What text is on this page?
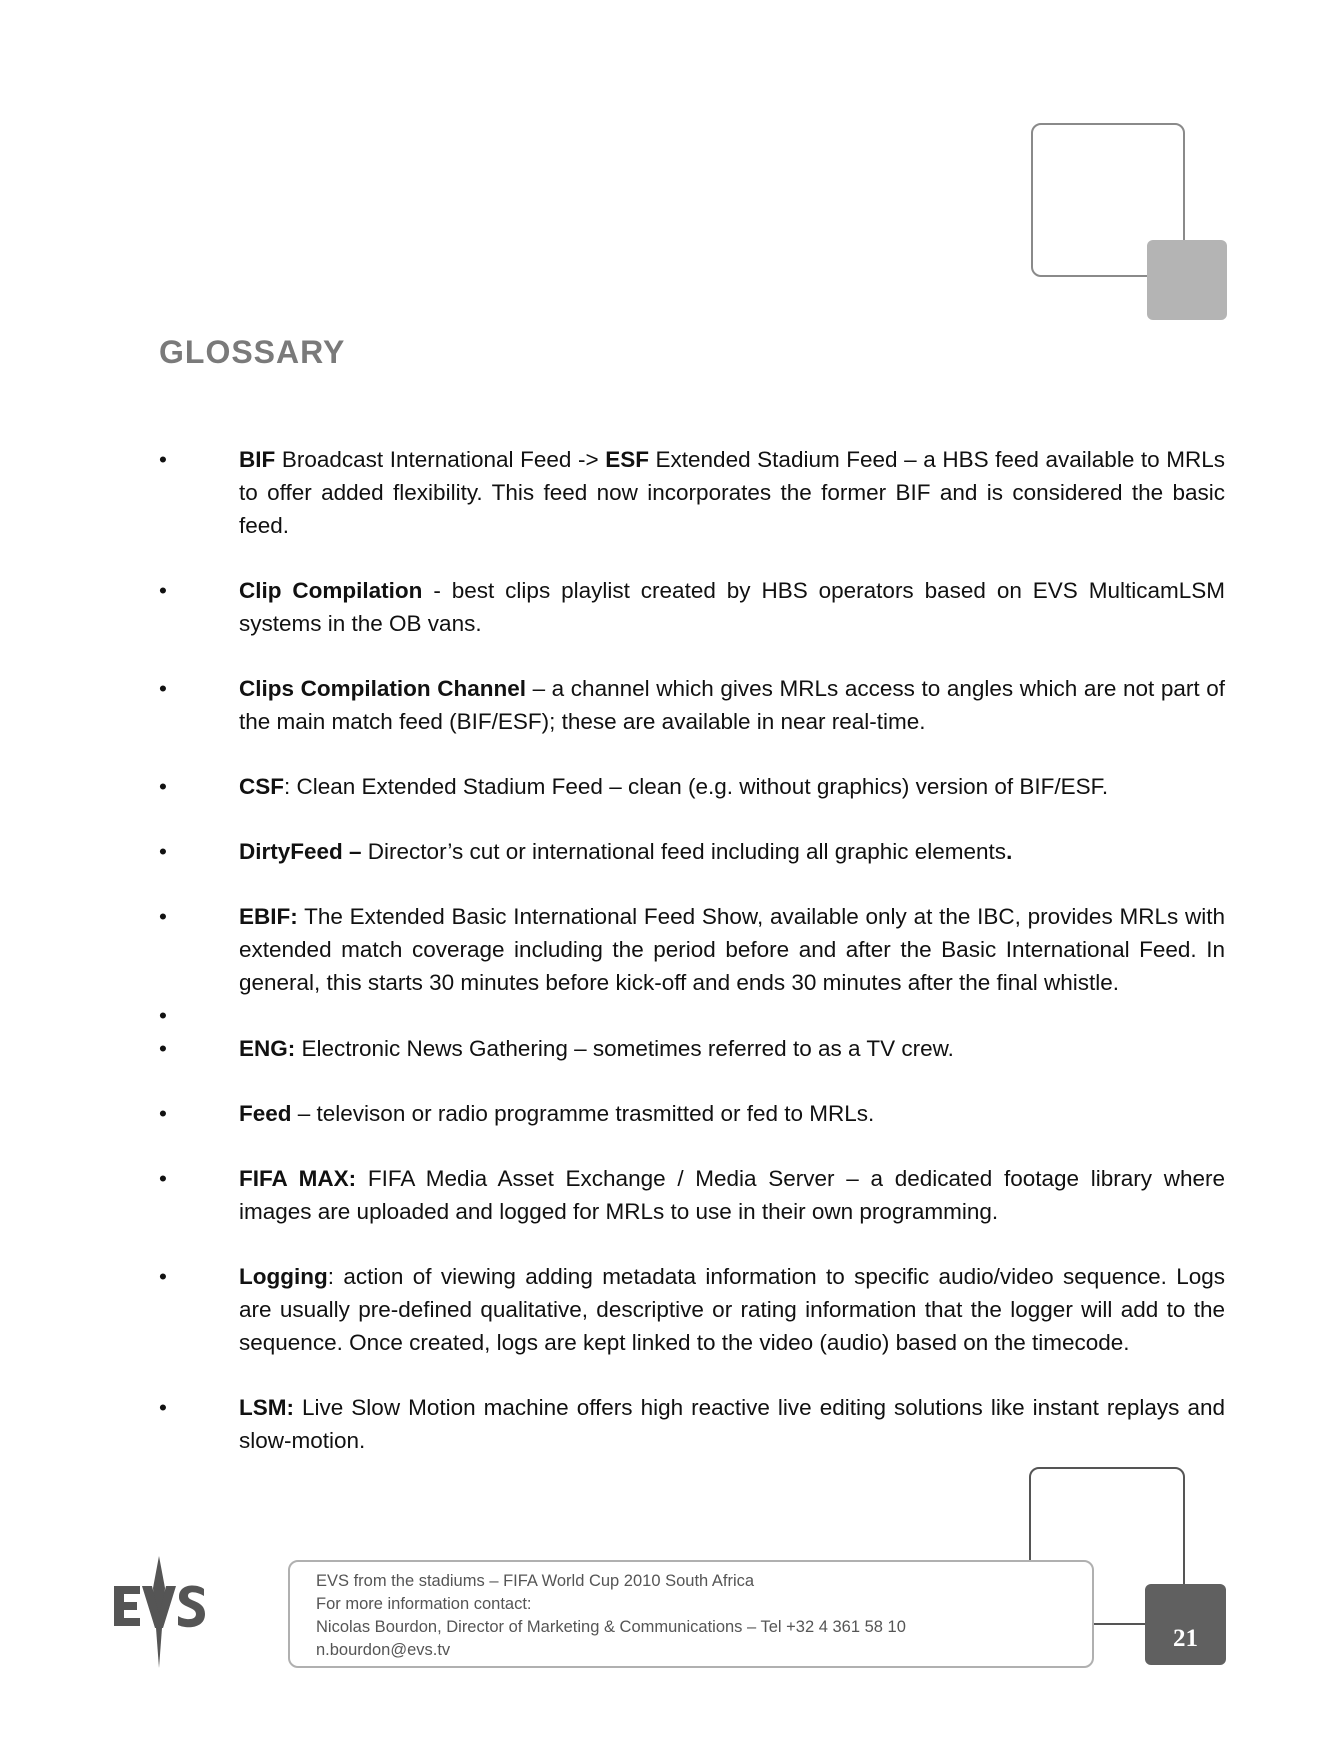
GLOSSARY
•	BIF Broadcast International Feed -> ESF Extended Stadium Feed – a HBS feed available to MRLs to offer added flexibility. This feed now incorporates the former BIF and is considered the basic feed.
•	Clip Compilation - best clips playlist created by HBS operators based on EVS MulticamLSM systems in the OB vans.
•	Clips Compilation Channel – a channel which gives MRLs access to angles which are not part of the main match feed (BIF/ESF); these are available in near real-time.
•	CSF: Clean Extended Stadium Feed – clean (e.g. without graphics) version of BIF/ESF.
•	DirtyFeed – Director’s cut or international feed including all graphic elements.
•	EBIF: The Extended Basic International Feed Show, available only at the IBC, provides MRLs with extended match coverage including the period before and after the Basic International Feed. In general, this starts 30 minutes before kick-off and ends 30 minutes after the final whistle.
•
•	ENG: Electronic News Gathering – sometimes referred to as a TV crew.
•	Feed – televison or radio programme trasmitted or fed to MRLs.
•	FIFA MAX: FIFA Media Asset Exchange / Media Server – a dedicated footage library where images are uploaded and logged for MRLs to use in their own programming.
•	Logging: action of viewing adding metadata information to specific audio/video sequence. Logs are usually pre-defined qualitative, descriptive or rating information that the logger will add to the sequence. Once created, logs are kept linked to the video (audio) based on the timecode.
•	LSM: Live Slow Motion machine offers high reactive live editing solutions like instant replays and slow-motion.
EVS from the stadiums – FIFA World Cup 2010 South Africa
For more information contact:
Nicolas Bourdon, Director of Marketing & Communications – Tel +32 4 361 58 10
n.bourdon@evs.tv	21
